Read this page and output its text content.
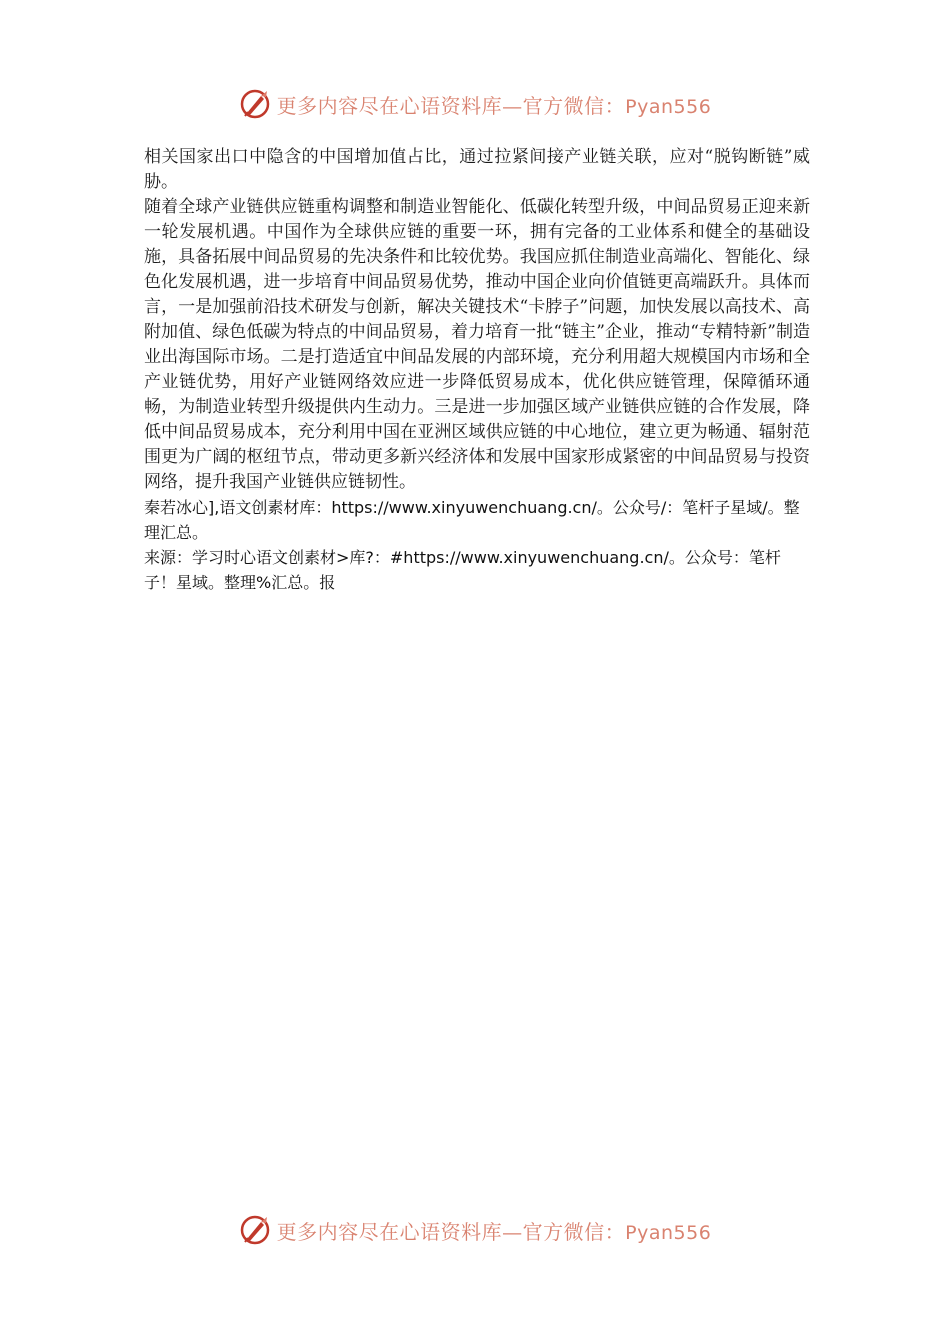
更多内容尽在心语资料库—官方微信：Pyan556

相关国家出口中隐含的中国增加值占比，通过拉紧间接产业链关联，应对“脱钩断链”威胁。

随着全球产业链供应链重构调整和制造业智能化、低碳化转型升级，中间品贸易正迎来新一轮发展机遇。中国作为全球供应链的重要一环，拥有完备的工业体系和健全的基础设施，具备拓展中间品贸易的先决条件和比较优势。我国应抓住制造业高端化、智能化、绿色化发展机遇，进一步培育中间品贸易优势，推动中国企业向价值链更高端跃升。具体而言，一是加强前沿技术研发与创新，解决关键技术“卡脖子”问题，加快发展以高技术、高附加值、绿色低碳为特点的中间品贸易，着力培育一批“链主”企业，推动“专精特新”制造业出海国际市场。二是打造适宜中间品发展的内部环境，充分利用超大规模国内市场和全产业链优势，用好产业链网络效应进一步降低贸易成本，优化供应链管理，保障循环通畅，为制造业转型升级提供内生动力。三是进一步加强区域产业链供应链的合作发展，降低中间品贸易成本，充分利用中国在亚洲区域供应链的中心地位，建立更为畅通、辐射范围更为广阔的枢纽节点，带动更多新兴经济体和发展中国家形成紧密的中间品贸易与投资网络，提升我国产业链供应链韧性。

秦若冰心],语文创素材库：https://www.xinyuwenchuang.cn/。公众号/：笔杆子星域/。整理汇总。

来源：学习时心语文创素材>库?：#https://www.xinyuwenchuang.cn/。公众号：笔杆子！星域。整理%汇总。报

更多内容尽在心语资料库—官方微信：Pyan556
